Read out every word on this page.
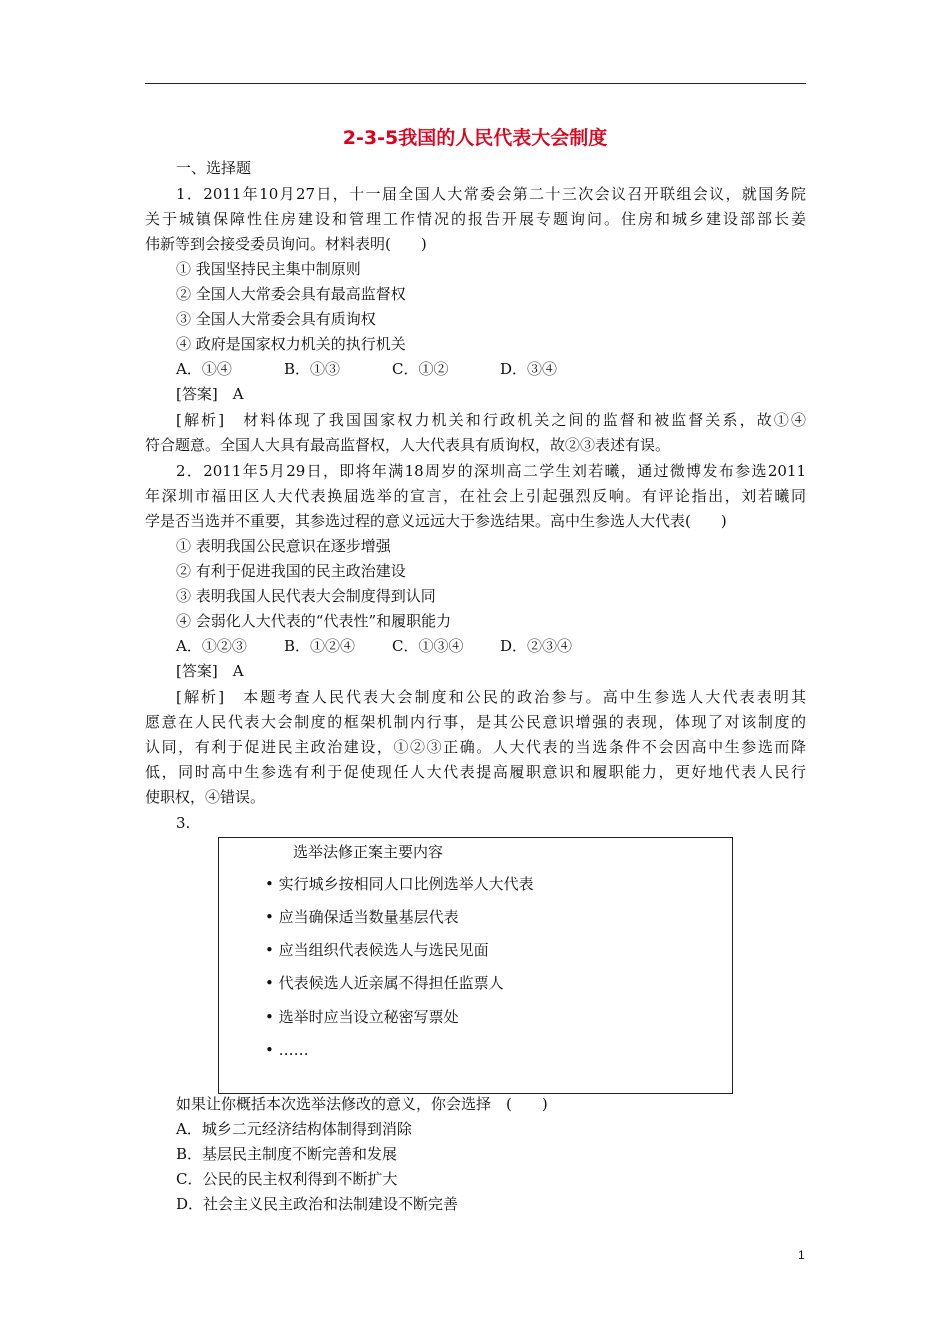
2-3-5我国的人民代表大会制度
一、选择题
1．2011年10月27日，十一届全国人大常委会第二十三次会议召开联组会议，就国务院
关于城镇保障性住房建设和管理工作情况的报告开展专题询问。住房和城乡建设部部长姜
伟新等到会接受委员询问。材料表明(　　)
① 我国坚持民主集中制原则
② 全国人大常委会具有最高监督权
③ 全国人大常委会具有质询权
④ 政府是国家权力机关的执行机关
A．①④	B．①③	C．①②	D．③④
[答案]　A
[解析]　材料体现了我国国家权力机关和行政机关之间的监督和被监督关系，故①④
符合题意。全国人大具有最高监督权，人大代表具有质询权，故②③表述有误。
2．2011年5月29日，即将年满18周岁的深圳高二学生刘若曦，通过微博发布参选2011
年深圳市福田区人大代表换届选举的宣言，在社会上引起强烈反响。有评论指出，刘若曦同
学是否当选并不重要，其参选过程的意义远远大于参选结果。高中生参选人大代表(　　)
① 表明我国公民意识在逐步增强
② 有利于促进我国的民主政治建设
③ 表明我国人民代表大会制度得到认同
④ 会弱化人大代表的“代表性”和履职能力
A．①②③ B．①②④ C．①③④ D．②③④
[答案]　A
[解析]　本题考查人民代表大会制度和公民的政治参与。高中生参选人大代表表明其
愿意在人民代表大会制度的框架机制内行事，是其公民意识增强的表现，体现了对该制度的
认同，有利于促进民主政治建设，①②③正确。人大代表的当选条件不会因高中生参选而降
低，同时高中生参选有利于促使现任人大代表提高履职意识和履职能力，更好地代表人民行
使职权，④错误。
3.
选举法修正案主要内容
• 实行城乡按相同人口比例选举人大代表
• 应当确保适当数量基层代表
• 应当组织代表候选人与选民见面
• 代表候选人近亲属不得担任监票人
• 选举时应当设立秘密写票处
• ……
如果让你概括本次选举法修改的意义，你会选择　(　　)
A．城乡二元经济结构体制得到消除
B．基层民主制度不断完善和发展
C．公民的民主权利得到不断扩大
D．社会主义民主政治和法制建设不断完善
1
